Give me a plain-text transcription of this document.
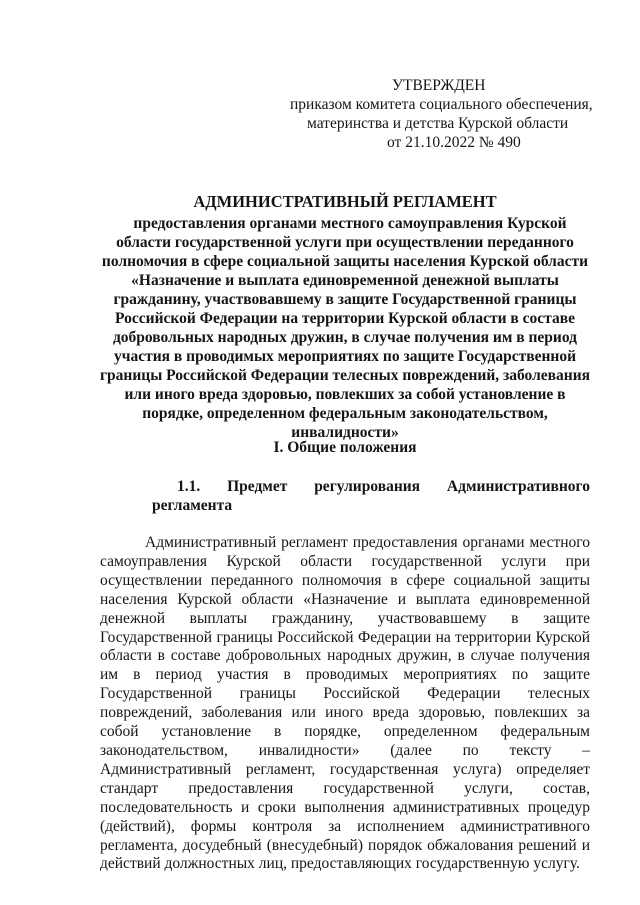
УТВЕРЖДЕН
приказом комитета социального обеспечения,
материнства и детства Курской области
от 21.10.2022 № 490
АДМИНИСТРАТИВНЫЙ РЕГЛАМЕНТ
предоставления органами местного самоуправления Курской
области государственной услуги при осуществлении переданного
полномочия в сфере социальной защиты населения Курской области
«Назначение и выплата единовременной денежной выплаты
гражданину, участвовавшему в защите Государственной границы
Российской Федерации на территории Курской области в составе
добровольных народных дружин, в случае получения им в период
участия в проводимых мероприятиях по защите Государственной
границы Российской Федерации телесных повреждений, заболевания
или иного вреда здоровью, повлекших за собой установление в
порядке, определенном федеральным законодательством,
инвалидности»
I. Общие положения
1.1. Предмет регулирования Административного
регламента
Административный регламент предоставления органами местного самоуправления Курской области государственной услуги при осуществлении переданного полномочия в сфере социальной защиты населения Курской области «Назначение и выплата единовременной денежной выплаты гражданину, участвовавшему в защите Государственной границы Российской Федерации на территории Курской области в составе добровольных народных дружин, в случае получения им в период участия в проводимых мероприятиях по защите Государственной границы Российской Федерации телесных повреждений, заболевания или иного вреда здоровью, повлекших за собой установление в порядке, определенном федеральным законодательством, инвалидности» (далее по тексту – Административный регламент, государственная услуга) определяет стандарт предоставления государственной услуги, состав, последовательность и сроки выполнения административных процедур (действий), формы контроля за исполнением административного регламента, досудебный (внесудебный) порядок обжалования решений и действий должностных лиц, предоставляющих государственную услугу.
